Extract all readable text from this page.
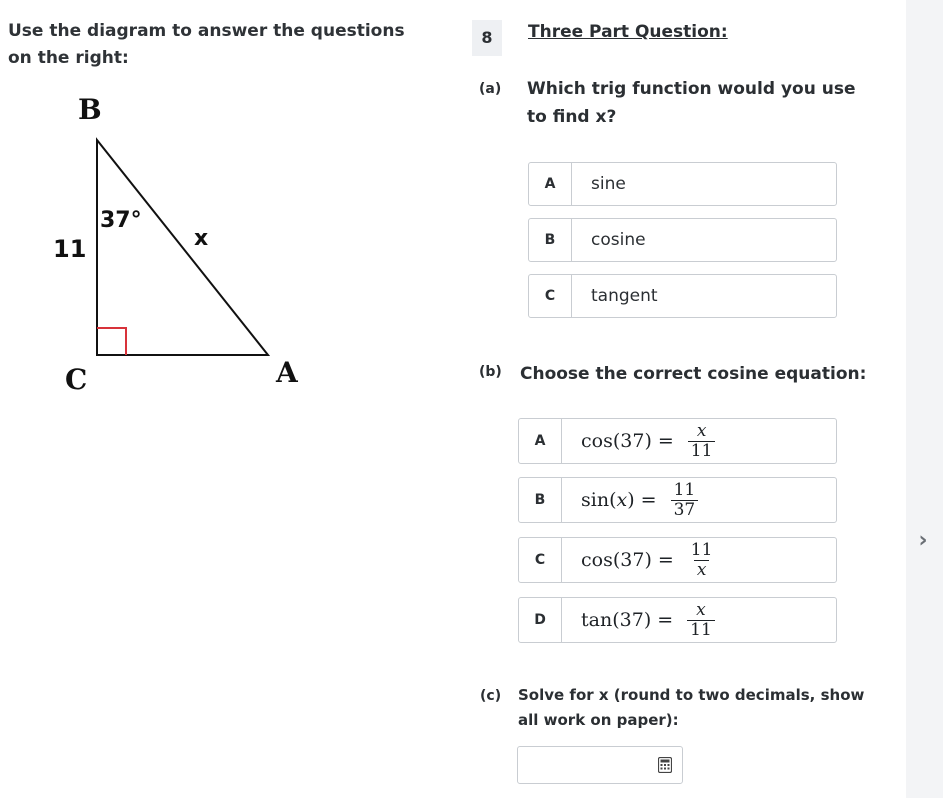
›
Use the diagram to answer the questions on the right:
B
C	A
11
37°
x
8	Three Part Question:
(a) Which trig function would you use to find x?
A	sine
B	cosine
C	tangent
(b) Choose the correct cosine equation:
A	cos ( 37 ) = $\frac{x}{11}$
B	sin ( x ) = $\frac{11}{37}$
C	cos ( 37 ) = $\frac{11}{x}$
D	tan ( 37 ) = $\frac{x}{11}$
(c) Solve for x (round to two decimals, show all work on paper):
